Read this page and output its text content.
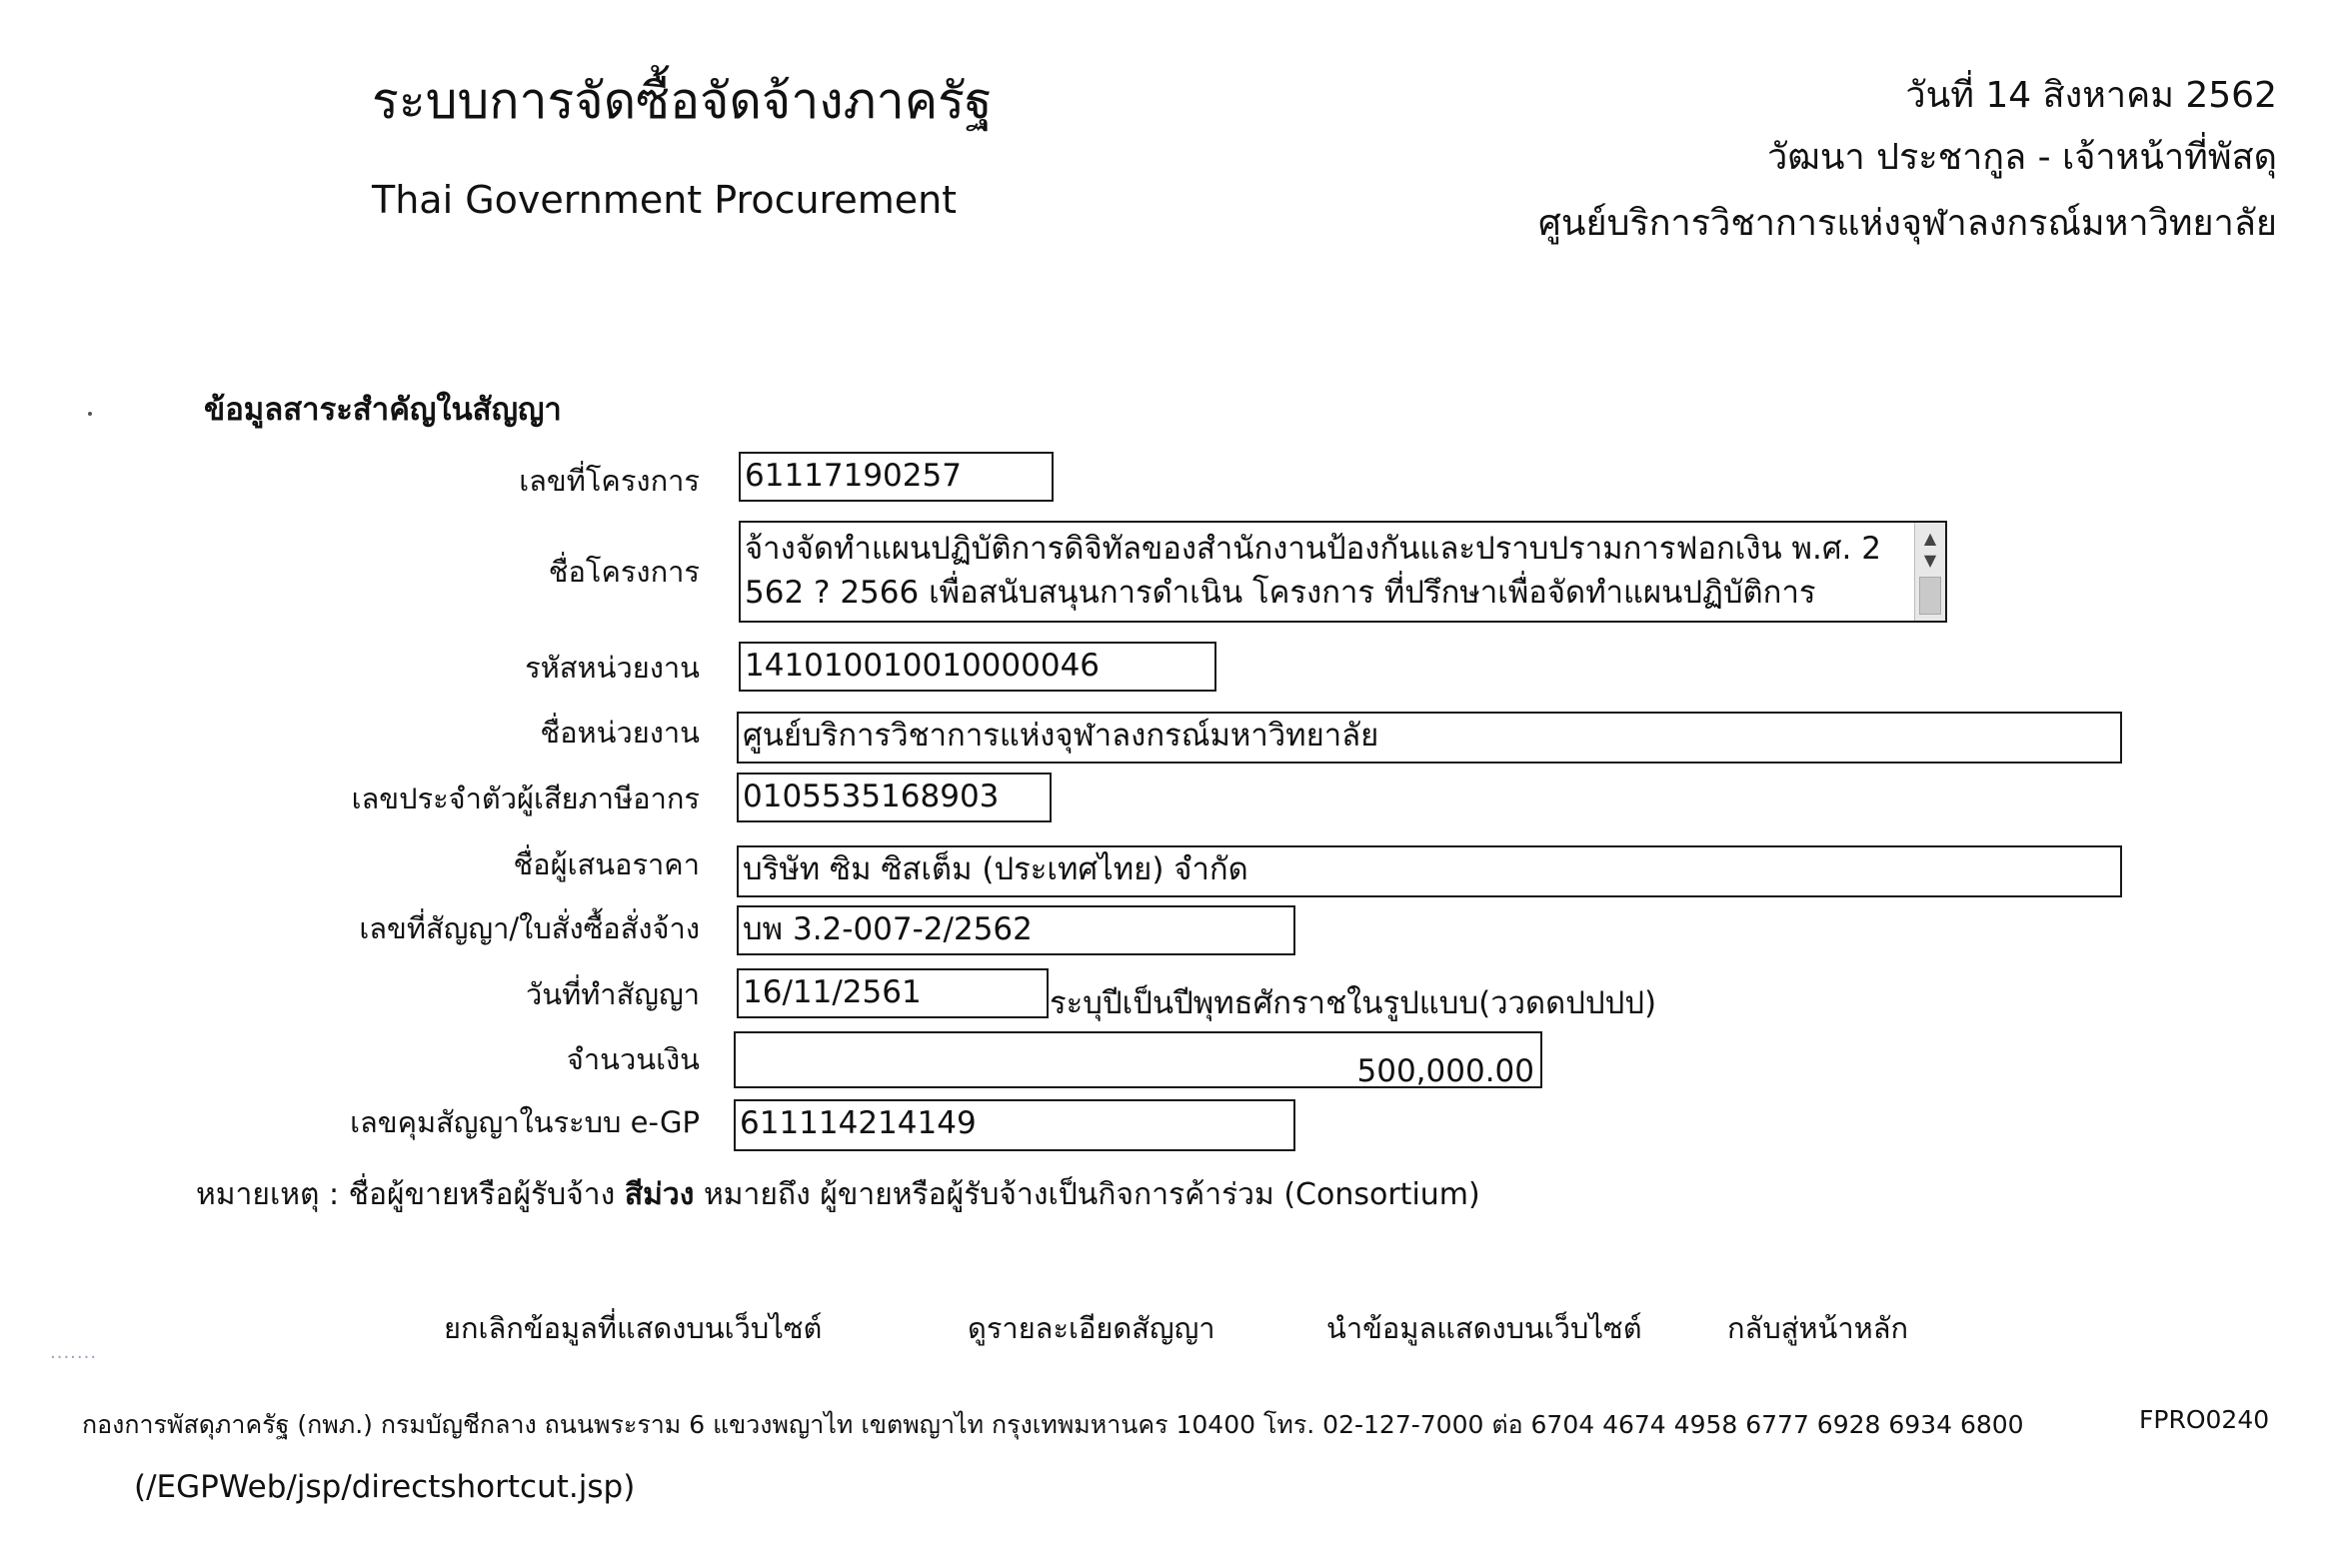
ระบบการจัดซื้อจัดจ้างภาครัฐ
Thai Government Procurement
วันที่ 14 สิงหาคม 2562
วัฒนา ประชากูล - เจ้าหน้าที่พัสดุ
ศูนย์บริการวิชาการแห่งจุฬาลงกรณ์มหาวิทยาลัย
ข้อมูลสาระสำคัญในสัญญา
เลขที่โครงการ 61117190257
ชื่อโครงการ
จ้างจัดทำแผนปฏิบัติการดิจิทัลของสำนักงานป้องกันและปราบปรามการฟอกเงิน พ.ศ. 2562 ? 2566 เพื่อสนับสนุนการดำเนิน โครงการ ที่ปรึกษาเพื่อจัดทำแผนปฏิบัติการ
▲
▼
รหัสหน่วยงาน 141010010010000046
ชื่อหน่วยงาน ศูนย์บริการวิชาการแห่งจุฬาลงกรณ์มหาวิทยาลัย
เลขประจำตัวผู้เสียภาษีอากร 0105535168903
ชื่อผู้เสนอราคา บริษัท ซิม ซิสเต็ม (ประเทศไทย) จำกัด
เลขที่สัญญา/ใบสั่งซื้อสั่งจ้าง บพ 3.2-007-2/2562
วันที่ทำสัญญา 16/11/2561	ระบุปีเป็นปีพุทธศักราชในรูปแบบ(ววดดปปปป)
จำนวนเงิน	500,000.00
เลขคุมสัญญาในระบบ e-GP 611114214149
หมายเหตุ : ชื่อผู้ขายหรือผู้รับจ้าง สีม่วง หมายถึง ผู้ขายหรือผู้รับจ้างเป็นกิจการค้าร่วม (Consortium)
ยกเลิกข้อมูลที่แสดงบนเว็บไซต์	ดูรายละเอียดสัญญา	นำข้อมูลแสดงบนเว็บไซต์	กลับสู่หน้าหลัก
·······
กองการพัสดุภาครัฐ (กพภ.) กรมบัญชีกลาง ถนนพระราม 6 แขวงพญาไท เขตพญาไท กรุงเทพมหานคร 10400 โทร. 02-127-7000 ต่อ 6704 4674 4958 6777 6928 6934 6800	FPRO0240
(/EGPWeb/jsp/directshortcut.jsp)
